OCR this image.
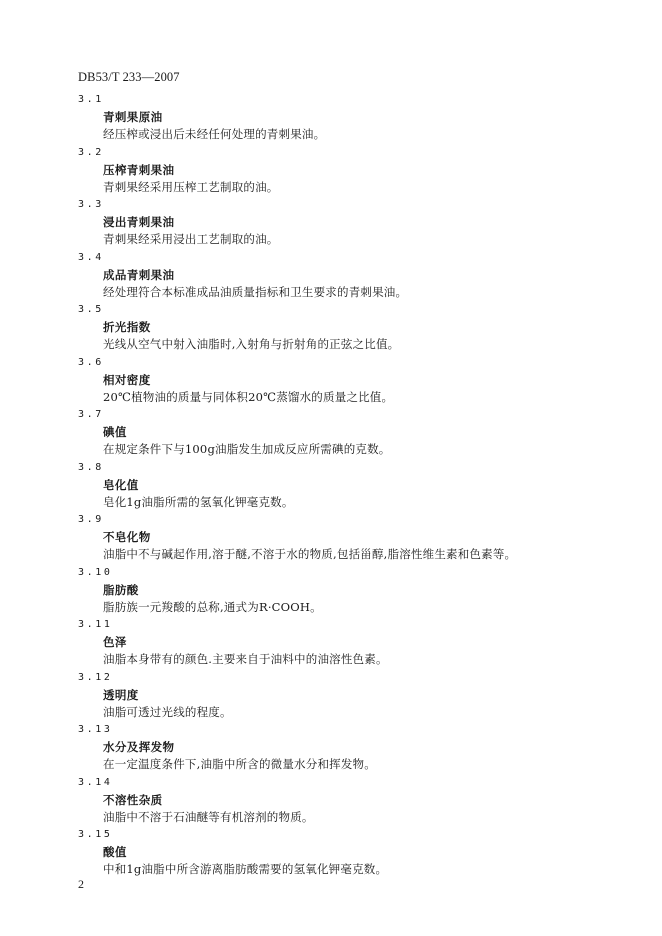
DB53/T 233—2007
3.1
青刺果原油
经压榨或浸出后未经任何处理的青刺果油。
3.2
压榨青刺果油
青刺果经采用压榨工艺制取的油。
3.3
浸出青刺果油
青刺果经采用浸出工艺制取的油。
3.4
成品青刺果油
经处理符合本标准成品油质量指标和卫生要求的青刺果油。
3.5
折光指数
光线从空气中射入油脂时,入射角与折射角的正弦之比值。
3.6
相对密度
20℃植物油的质量与同体积20℃蒸馏水的质量之比值。
3.7
碘值
在规定条件下与100g油脂发生加成反应所需碘的克数。
3.8
皂化值
皂化1g油脂所需的氢氧化钾毫克数。
3.9
不皂化物
油脂中不与碱起作用,溶于醚,不溶于水的物质,包括甾醇,脂溶性维生素和色素等。
3.10
脂肪酸
脂肪族一元羧酸的总称,通式为R·COOH。
3.11
色泽
油脂本身带有的颜色.主要来自于油料中的油溶性色素。
3.12
透明度
油脂可透过光线的程度。
3.13
水分及挥发物
在一定温度条件下,油脂中所含的微量水分和挥发物。
3.14
不溶性杂质
油脂中不溶于石油醚等有机溶剂的物质。
3.15
酸值
中和1g油脂中所含游离脂肪酸需要的氢氧化钾毫克数。
2
